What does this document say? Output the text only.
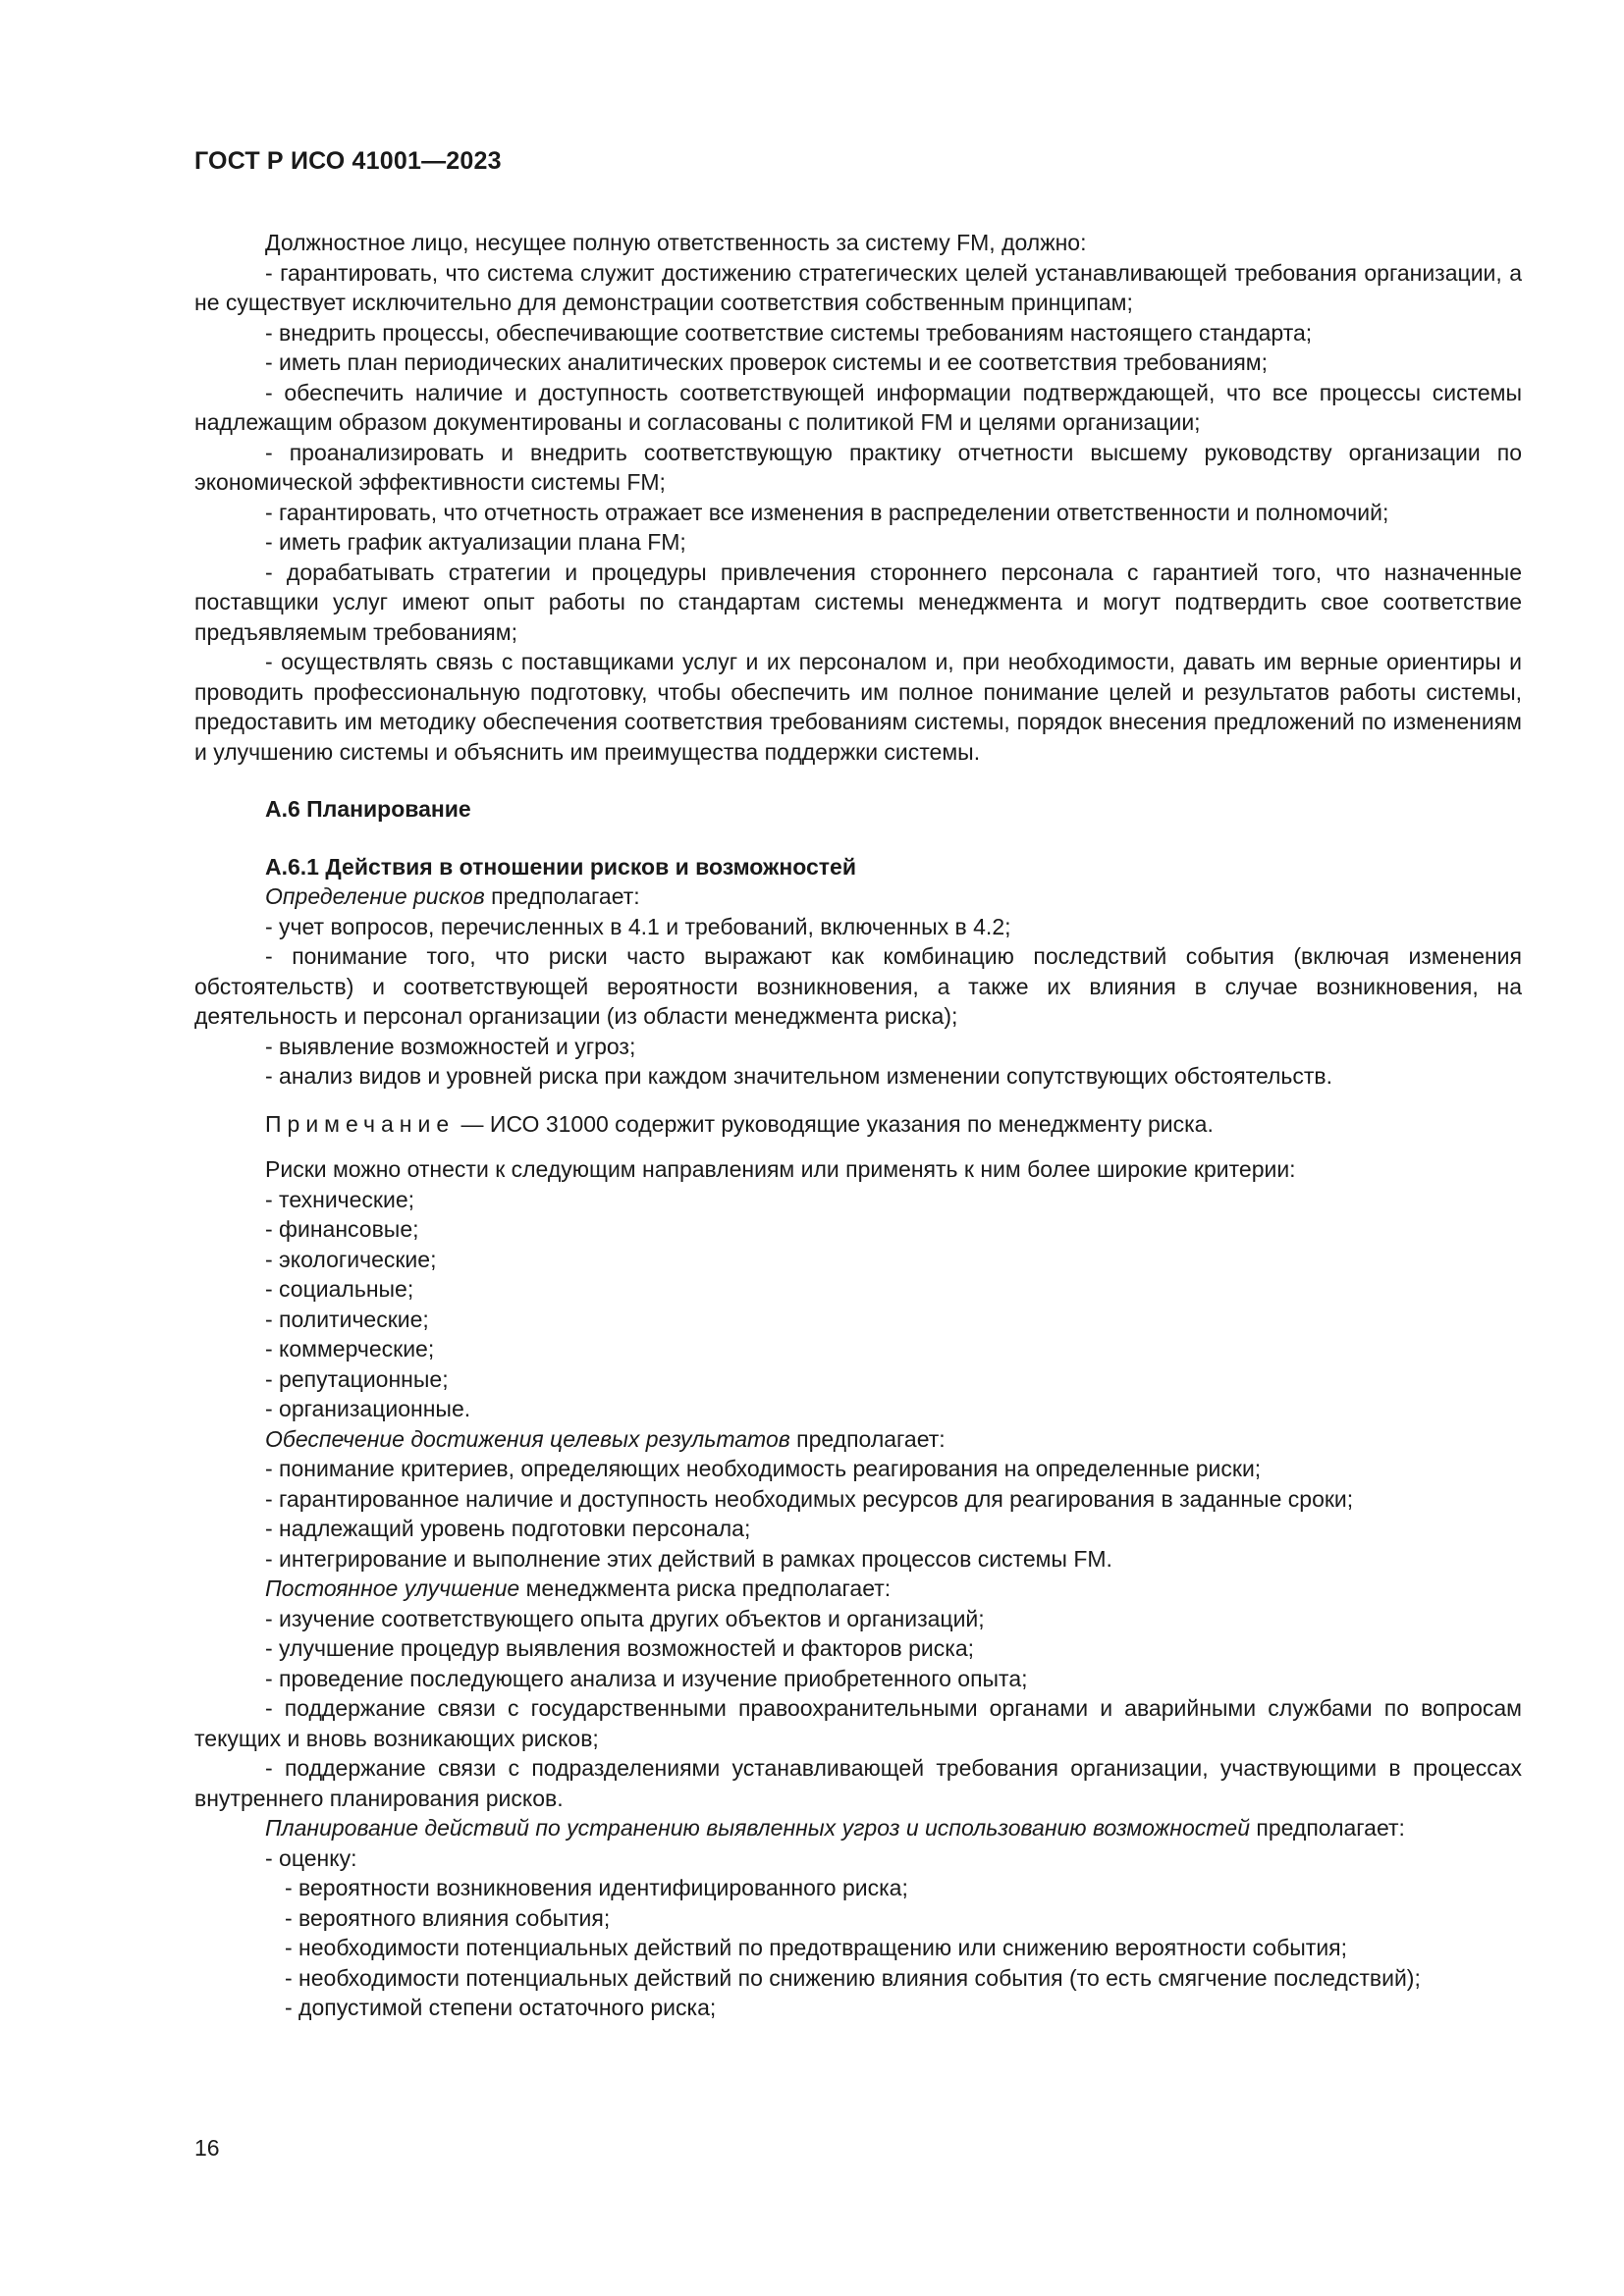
ГОСТ Р ИСО 41001—2023

Должностное лицо, несущее полную ответственность за систему FM, должно:

- гарантировать, что система служит достижению стратегических целей устанавливающей требования организации, а не существует исключительно для демонстрации соответствия собственным принципам;

- внедрить процессы, обеспечивающие соответствие системы требованиям настоящего стандарта;

- иметь план периодических аналитических проверок системы и ее соответствия требованиям;

- обеспечить наличие и доступность соответствующей информации подтверждающей, что все процессы системы надлежащим образом документированы и согласованы с политикой FM и целями организации;

- проанализировать и внедрить соответствующую практику отчетности высшему руководству организации по экономической эффективности системы FM;

- гарантировать, что отчетность отражает все изменения в распределении ответственности и полномочий;

- иметь график актуализации плана FM;

- дорабатывать стратегии и процедуры привлечения стороннего персонала с гарантией того, что назначенные поставщики услуг имеют опыт работы по стандартам системы менеджмента и могут подтвердить свое соответствие предъявляемым требованиям;

- осуществлять связь с поставщиками услуг и их персоналом и, при необходимости, давать им верные ориентиры и проводить профессиональную подготовку, чтобы обеспечить им полное понимание целей и результатов работы системы, предоставить им методику обеспечения соответствия требованиям системы, порядок внесения предложений по изменениям и улучшению системы и объяснить им преимущества поддержки системы.

А.6 Планирование

А.6.1 Действия в отношении рисков и возможностей

Определение рисков предполагает:

- учет вопросов, перечисленных в 4.1 и требований, включенных в 4.2;

- понимание того, что риски часто выражают как комбинацию последствий события (включая изменения обстоятельств) и соответствующей вероятности возникновения, а также их влияния в случае возникновения, на деятельность и персонал организации (из области менеджмента риска);

- выявление возможностей и угроз;

- анализ видов и уровней риска при каждом значительном изменении сопутствующих обстоятельств.

Примечание — ИСО 31000 содержит руководящие указания по менеджменту риска.

Риски можно отнести к следующим направлениям или применять к ним более широкие критерии:

- технические;

- финансовые;

- экологические;

- социальные;

- политические;

- коммерческие;

- репутационные;

- организационные.

Обеспечение достижения целевых результатов предполагает:

- понимание критериев, определяющих необходимость реагирования на определенные риски;

- гарантированное наличие и доступность необходимых ресурсов для реагирования в заданные сроки;

- надлежащий уровень подготовки персонала;

- интегрирование и выполнение этих действий в рамках процессов системы FM.

Постоянное улучшение менеджмента риска предполагает:

- изучение соответствующего опыта других объектов и организаций;

- улучшение процедур выявления возможностей и факторов риска;

- проведение последующего анализа и изучение приобретенного опыта;

- поддержание связи с государственными правоохранительными органами и аварийными службами по вопросам текущих и вновь возникающих рисков;

- поддержание связи с подразделениями устанавливающей требования организации, участвующими в процессах внутреннего планирования рисков.

Планирование действий по устранению выявленных угроз и использованию возможностей предполагает:

- оценку:

- вероятности возникновения идентифицированного риска;

- вероятного влияния события;

- необходимости потенциальных действий по предотвращению или снижению вероятности события;

- необходимости потенциальных действий по снижению влияния события (то есть смягчение последствий);

- допустимой степени остаточного риска;

16
